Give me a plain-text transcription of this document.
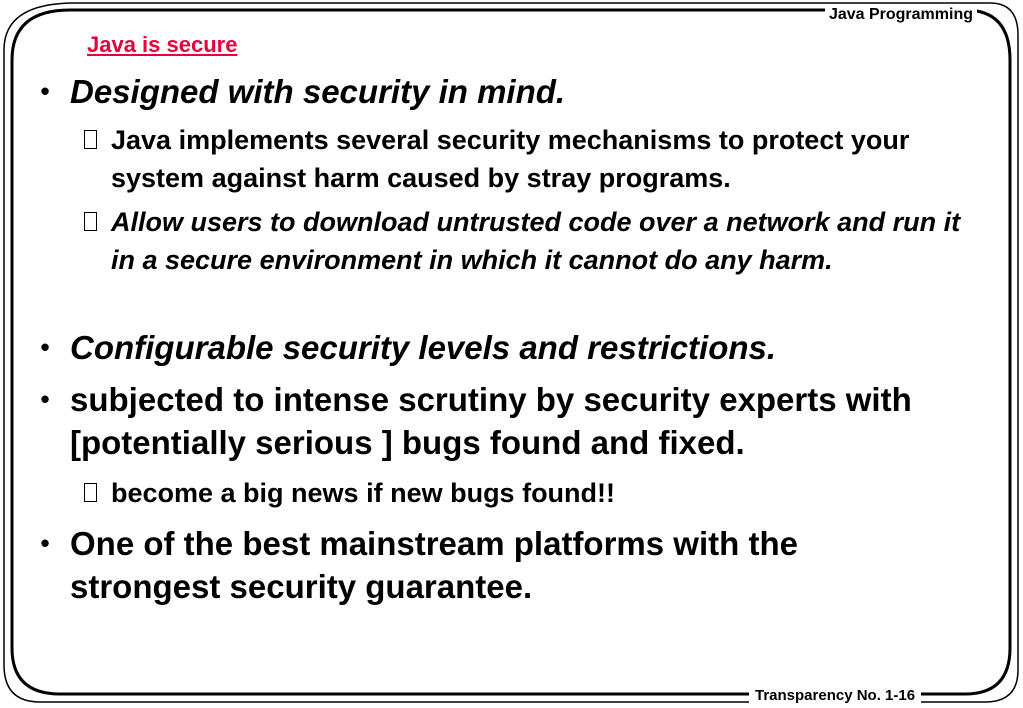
Java Programming
Java is secure
• Designed with security in mind.
Java implements several security mechanisms to protect your system against harm caused by stray programs.
Allow users to download untrusted code over a network and run it in a secure environment in which it cannot do any harm.
• Configurable security levels and restrictions.
• subjected to intense scrutiny by security experts with [potentially serious ] bugs found and fixed.
become a big news if new bugs found!!
• One of the best mainstream platforms with the strongest security guarantee.
Transparency No. 1-16
